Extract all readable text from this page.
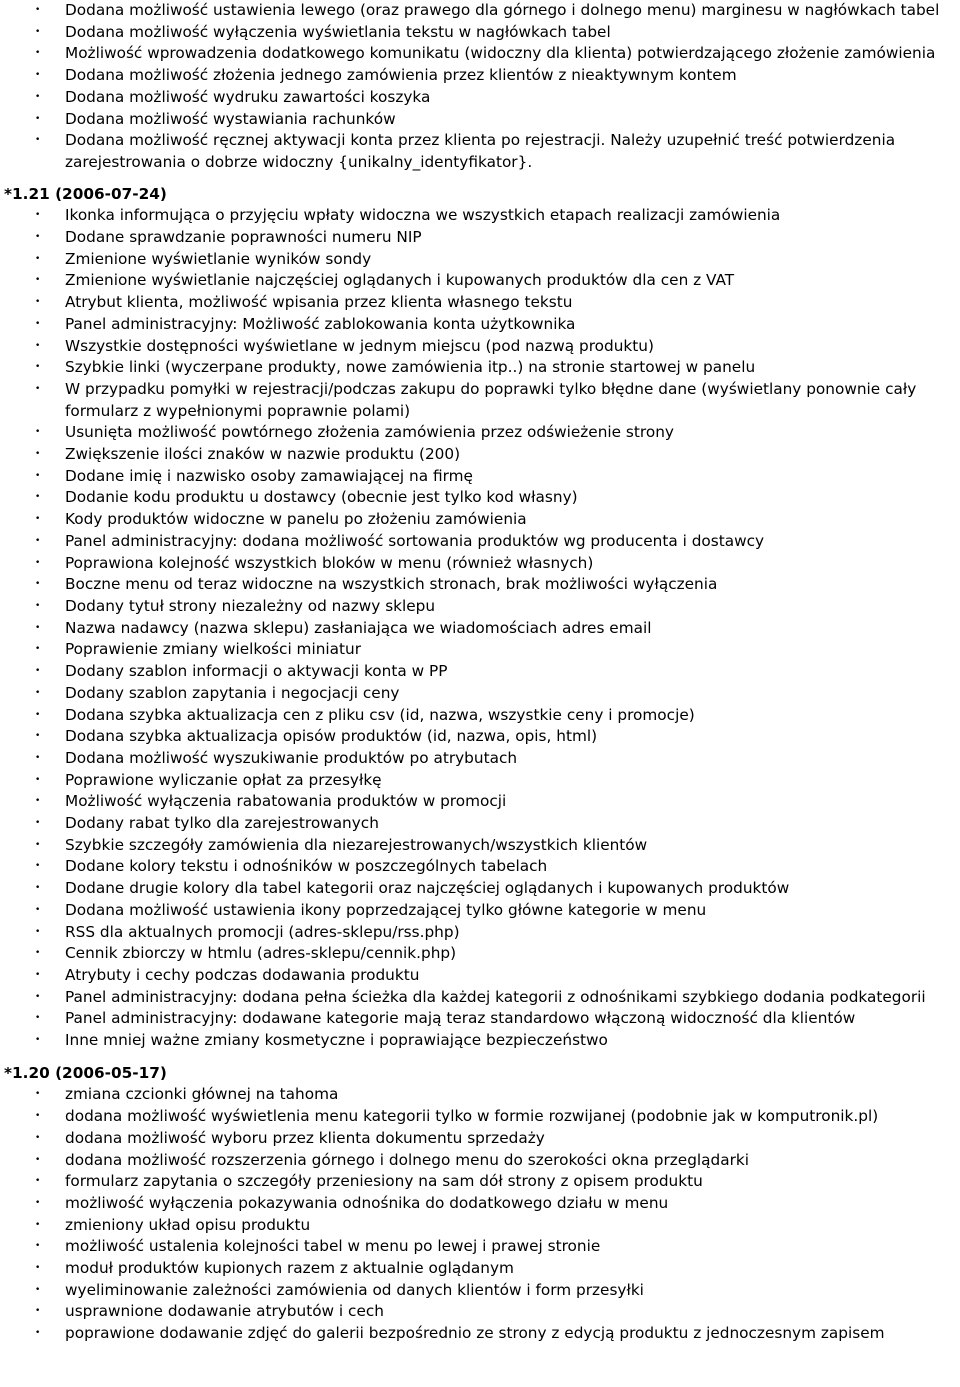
• Dodana możliwość ustawienia lewego (oraz prawego dla górnego i dolnego menu) marginesu w nagłówkach tabel
• Dodana możliwość wyłączenia wyświetlania tekstu w nagłówkach tabel
• Możliwość wprowadzenia dodatkowego komunikatu (widoczny dla klienta) potwierdzającego złożenie zamówienia
• Dodana możliwość złożenia jednego zamówienia przez klientów z nieaktywnym kontem
• Dodana możliwość wydruku zawartości koszyka
• Dodana możliwość wystawiania rachunków
• Dodana możliwość ręcznej aktywacji konta przez klienta po rejestracji. Należy uzupełnić treść potwierdzenia zarejestrowania o dobrze widoczny {unikalny_identyfikator}.
*1.21 (2006-07-24)
• Ikonka informująca o przyjęciu wpłaty widoczna we wszystkich etapach realizacji zamówienia
• Dodane sprawdzanie poprawności numeru NIP
• Zmienione wyświetlanie wyników sondy
• Zmienione wyświetlanie najczęściej oglądanych i kupowanych produktów dla cen z VAT
• Atrybut klienta, możliwość wpisania przez klienta własnego tekstu
• Panel administracyjny: Możliwość zablokowania konta użytkownika
• Wszystkie dostępności wyświetlane w jednym miejscu (pod nazwą produktu)
• Szybkie linki (wyczerpane produkty, nowe zamówienia itp..) na stronie startowej w panelu
• W przypadku pomyłki w rejestracji/podczas zakupu do poprawki tylko błędne dane (wyświetlany ponownie cały formularz z wypełnionymi poprawnie polami)
• Usunięta możliwość powtórnego złożenia zamówienia przez odświeżenie strony
• Zwiększenie ilości znaków w nazwie produktu (200)
• Dodane imię i nazwisko osoby zamawiającej na firmę
• Dodanie kodu produktu u dostawcy (obecnie jest tylko kod własny)
• Kody produktów widoczne w panelu po złożeniu zamówienia
• Panel administracyjny: dodana możliwość sortowania produktów wg producenta i dostawcy
• Poprawiona kolejność wszystkich bloków w menu (również własnych)
• Boczne menu od teraz widoczne na wszystkich stronach, brak możliwości wyłączenia
• Dodany tytuł strony niezależny od nazwy sklepu
• Nazwa nadawcy (nazwa sklepu) zasłaniająca we wiadomościach adres email
• Poprawienie zmiany wielkości miniatur
• Dodany szablon informacji o aktywacji konta w PP
• Dodany szablon zapytania i negocjacji ceny
• Dodana szybka aktualizacja cen z pliku csv (id, nazwa, wszystkie ceny i promocje)
• Dodana szybka aktualizacja opisów produktów (id, nazwa, opis, html)
• Dodana możliwość wyszukiwanie produktów po atrybutach
• Poprawione wyliczanie opłat za przesyłkę
• Możliwość wyłączenia rabatowania produktów w promocji
• Dodany rabat tylko dla zarejestrowanych
• Szybkie szczegóły zamówienia dla niezarejestrowanych/wszystkich klientów
• Dodane kolory tekstu i odnośników w poszczególnych tabelach
• Dodane drugie kolory dla tabel kategorii oraz najczęściej oglądanych i kupowanych produktów
• Dodana możliwość ustawienia ikony poprzedzającej tylko główne kategorie w menu
• RSS dla aktualnych promocji (adres-sklepu/rss.php)
• Cennik zbiorczy w htmlu (adres-sklepu/cennik.php)
• Atrybuty i cechy podczas dodawania produktu
• Panel administracyjny: dodana pełna ścieżka dla każdej kategorii z odnośnikami szybkiego dodania podkategorii
• Panel administracyjny: dodawane kategorie mają teraz standardowo włączoną widoczność dla klientów
• Inne mniej ważne zmiany kosmetyczne i poprawiające bezpieczeństwo
*1.20 (2006-05-17)
• zmiana czcionki głównej na tahoma
• dodana możliwość wyświetlenia menu kategorii tylko w formie rozwijanej (podobnie jak w komputronik.pl)
• dodana możliwość wyboru przez klienta dokumentu sprzedaży
• dodana możliwość rozszerzenia górnego i dolnego menu do szerokości okna przeglądarki
• formularz zapytania o szczegóły przeniesiony na sam dół strony z opisem produktu
• możliwość wyłączenia pokazywania odnośnika do dodatkowego działu w menu
• zmieniony układ opisu produktu
• możliwość ustalenia kolejności tabel w menu po lewej i prawej stronie
• moduł produktów kupionych razem z aktualnie oglądanym
• wyeliminowanie zależności zamówienia od danych klientów i form przesyłki
• usprawnione dodawanie atrybutów i cech
• poprawione dodawanie zdjęć do galerii bezpośrednio ze strony z edycją produktu z jednoczesnym zapisem
